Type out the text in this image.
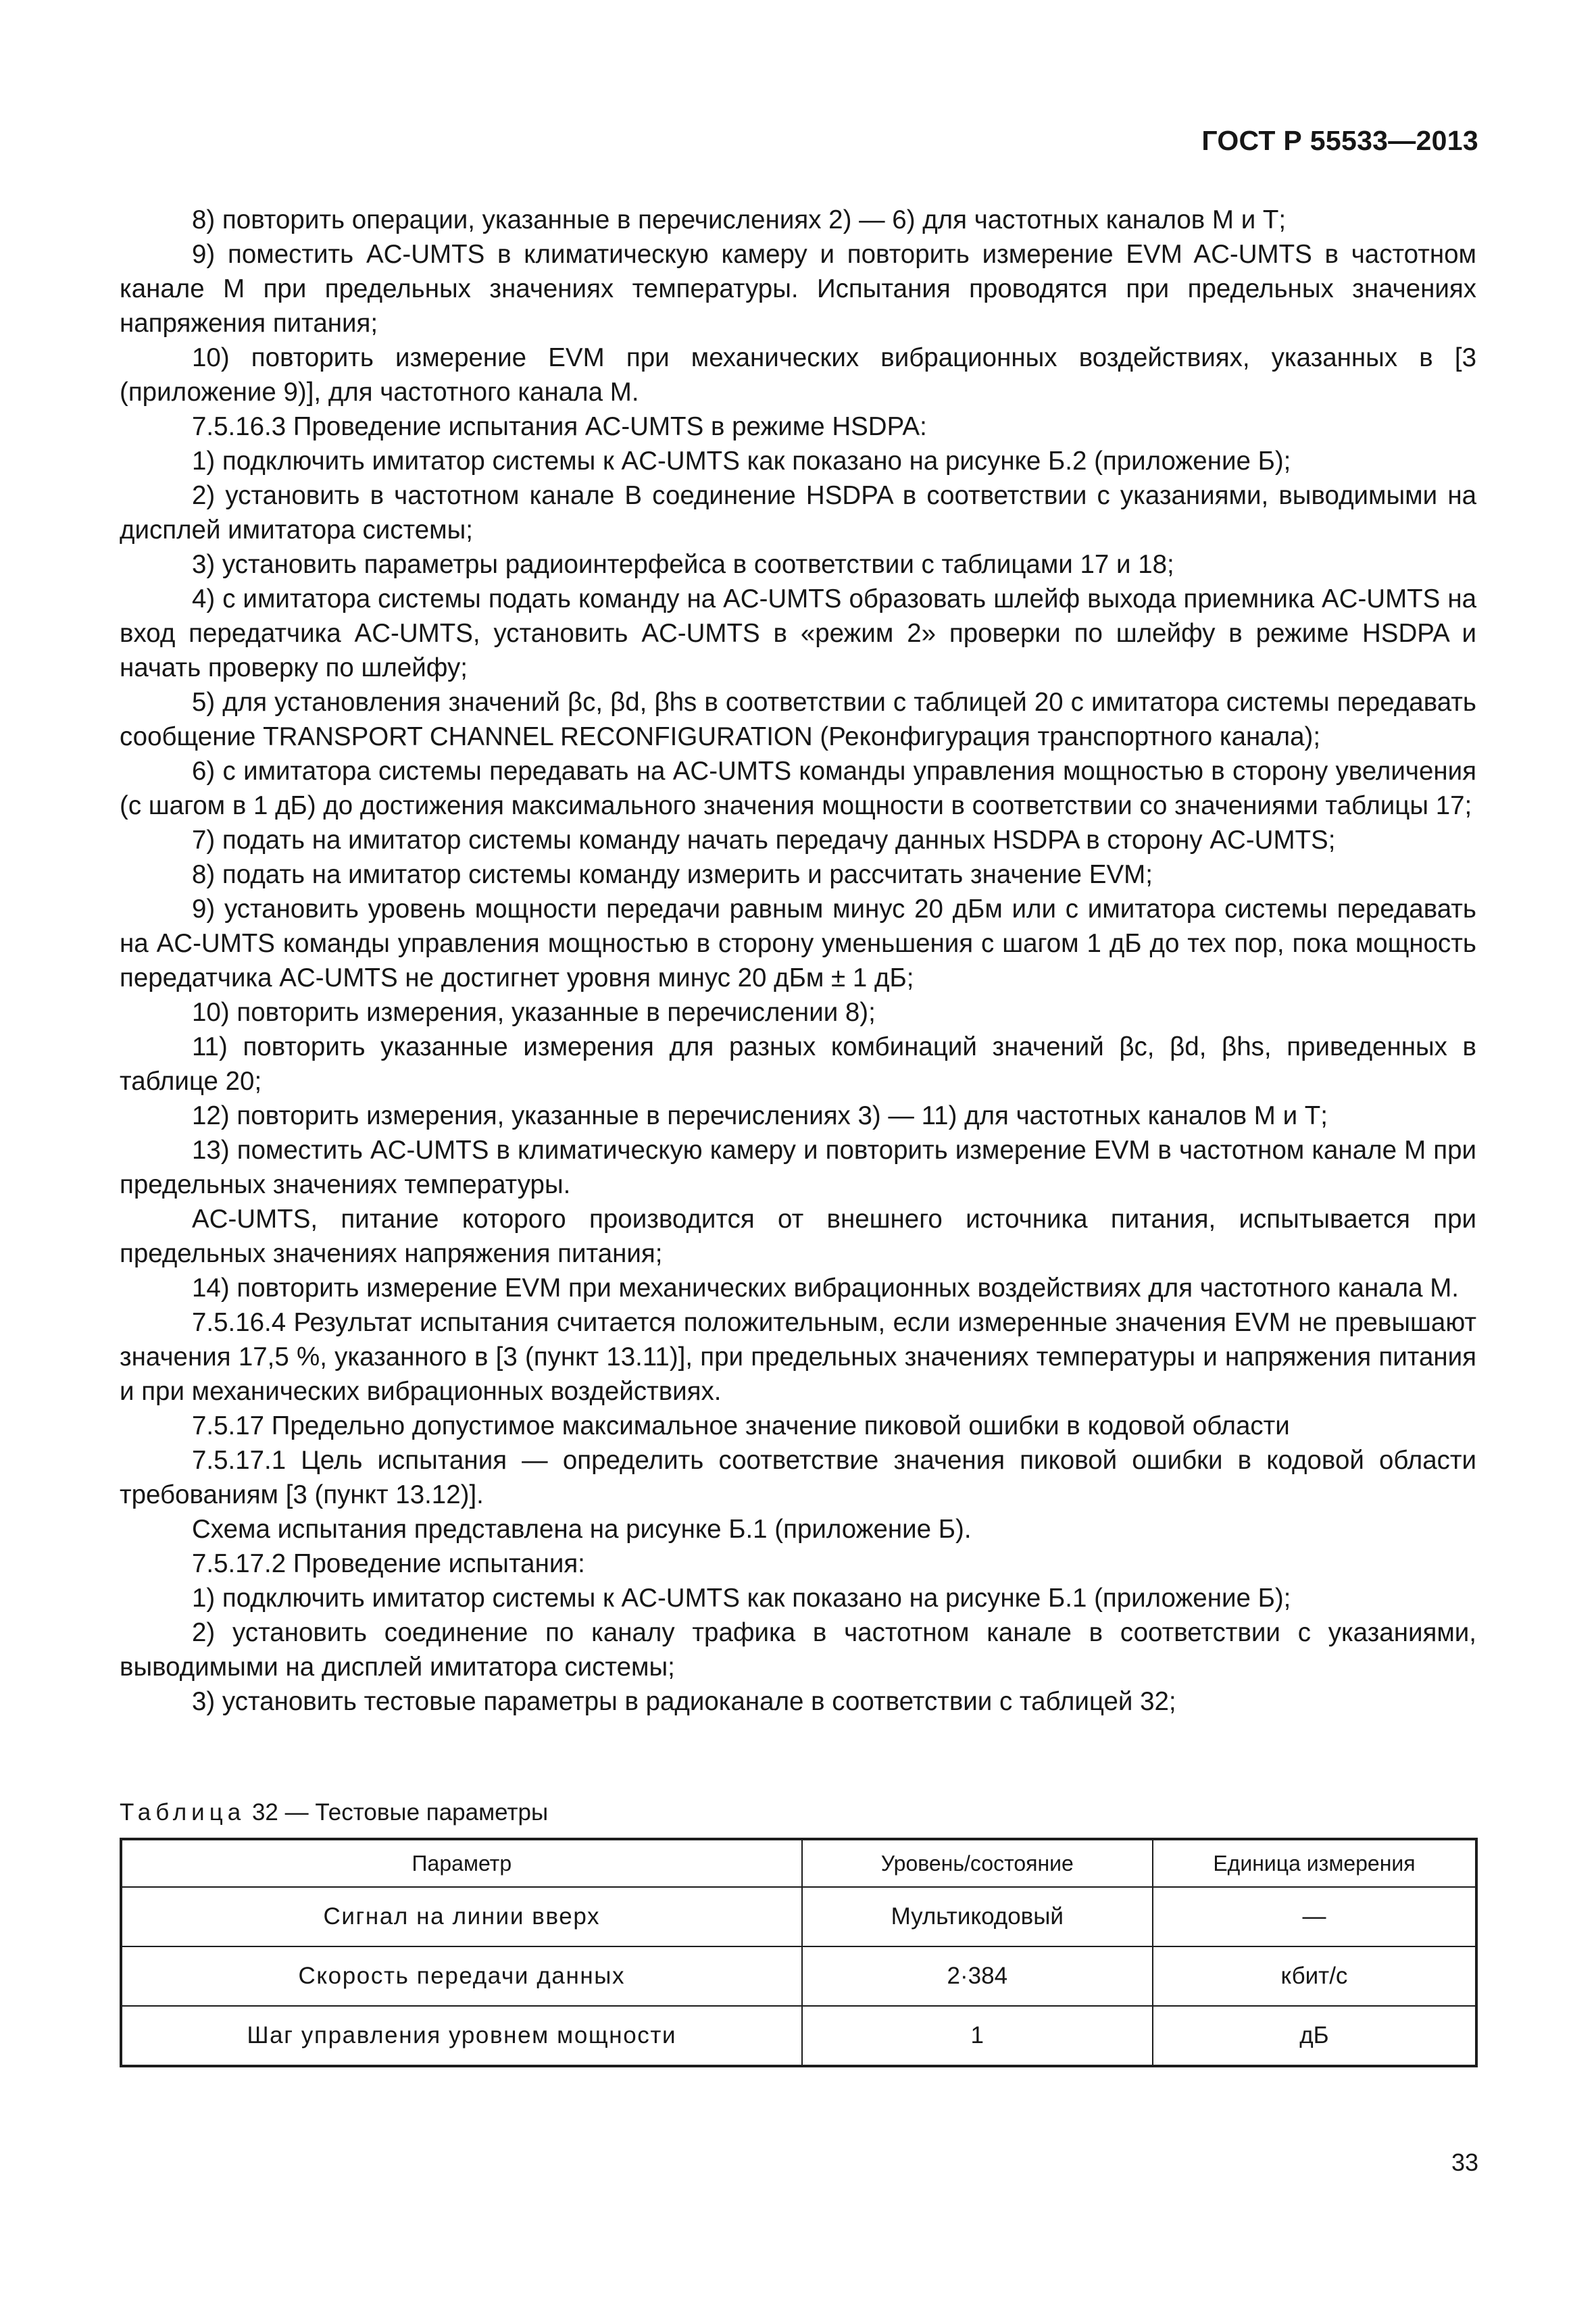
ГОСТ Р 55533—2013

8) повторить операции, указанные в перечислениях 2) — 6) для частотных каналов М и Т;

9) поместить AC-UMTS в климатическую камеру и повторить измерение EVM AC-UMTS в частотном канале М при предельных значениях температуры. Испытания проводятся при предельных значениях напряжения питания;

10) повторить измерение EVM при механических вибрационных воздействиях, указанных в [3 (приложение 9)], для частотного канала М.

7.5.16.3 Проведение испытания AC-UMTS в режиме HSDPA:

1) подключить имитатор системы к AC-UMTS как показано на рисунке Б.2 (приложение Б);

2) установить в частотном канале В соединение HSDPA в соответствии с указаниями, выводимыми на дисплей имитатора системы;

3) установить параметры радиоинтерфейса в соответствии с таблицами 17 и 18;

4) с имитатора системы подать команду на AC-UMTS образовать шлейф выхода приемника AC-UMTS на вход передатчика AC-UMTS, установить AC-UMTS в «режим 2» проверки по шлейфу в режиме HSDPA и начать проверку по шлейфу;

5) для установления значений βc, βd, βhs в соответствии с таблицей 20 с имитатора системы передавать сообщение TRANSPORT CHANNEL RECONFIGURATION (Реконфигурация транспортного канала);

6) с имитатора системы передавать на AC-UMTS команды управления мощностью в сторону увеличения (с шагом в 1 дБ) до достижения максимального значения мощности в соответствии со значениями таблицы 17;

7) подать на имитатор системы команду начать передачу данных HSDPA в сторону AC-UMTS;

8) подать на имитатор системы команду измерить и рассчитать значение EVM;

9) установить уровень мощности передачи равным минус 20 дБм или с имитатора системы передавать на AC-UMTS команды управления мощностью в сторону уменьшения с шагом 1 дБ до тех пор, пока мощность передатчика AC-UMTS не достигнет уровня минус 20 дБм ± 1 дБ;

10) повторить измерения, указанные в перечислении 8);

11) повторить указанные измерения для разных комбинаций значений βc, βd, βhs, приведенных в таблице 20;

12) повторить измерения, указанные в перечислениях 3) — 11) для частотных каналов М и Т;

13) поместить AC-UMTS в климатическую камеру и повторить измерение EVM в частотном канале М при предельных значениях температуры.

AC-UMTS, питание которого производится от внешнего источника питания, испытывается при предельных значениях напряжения питания;

14) повторить измерение EVM при механических вибрационных воздействиях для частотного канала М.

7.5.16.4 Результат испытания считается положительным, если измеренные значения EVM не превышают значения 17,5 %, указанного в [3 (пункт 13.11)], при предельных значениях температуры и напряжения питания и при механических вибрационных воздействиях.

7.5.17 Предельно допустимое максимальное значение пиковой ошибки в кодовой области

7.5.17.1 Цель испытания — определить соответствие значения пиковой ошибки в кодовой области требованиям [3 (пункт 13.12)].

Схема испытания представлена на рисунке Б.1 (приложение Б).

7.5.17.2 Проведение испытания:

1) подключить имитатор системы к AC-UMTS как показано на рисунке Б.1 (приложение Б);

2) установить соединение по каналу трафика в частотном канале в соответствии с указаниями, выводимыми на дисплей имитатора системы;

3) установить тестовые параметры в радиоканале в соответствии с таблицей 32;

Таблица 32 — Тестовые параметры
Параметр	Уровень/состояние	Единица измерения
Сигнал на линии вверх	Мультикодовый	—
Скорость передачи данных	2·384	кбит/с
Шаг управления уровнем мощности	1	дБ
33
